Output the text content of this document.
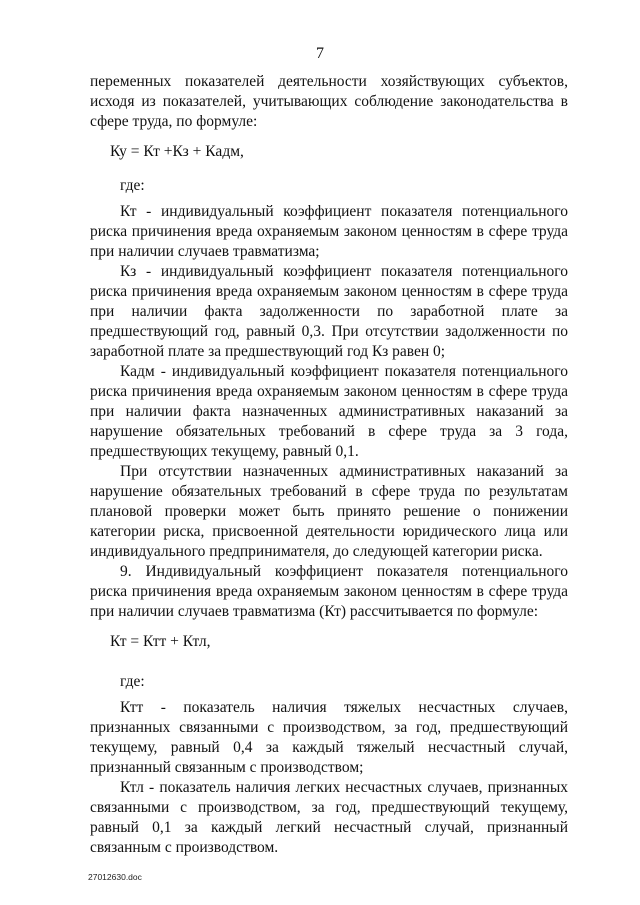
7

переменных показателей деятельности хозяйствующих субъектов, исходя из показателей, учитывающих соблюдение законодательства в сфере труда, по формуле:

Ку = Кт +Кз + Кадм,

где:

Кт - индивидуальный коэффициент показателя потенциального риска причинения вреда охраняемым законом ценностям в сфере труда при наличии случаев травматизма;

Кз - индивидуальный коэффициент показателя потенциального риска причинения вреда охраняемым законом ценностям в сфере труда при наличии факта задолженности по заработной плате за предшествующий год, равный 0,3. При отсутствии задолженности по заработной плате за предшествующий год Кз равен 0;

Кадм - индивидуальный коэффициент показателя потенциального риска причинения вреда охраняемым законом ценностям в сфере труда при наличии факта назначенных административных наказаний за нарушение обязательных требований в сфере труда за 3 года, предшествующих текущему, равный 0,1.

При отсутствии назначенных административных наказаний за нарушение обязательных требований в сфере труда по результатам плановой проверки может быть принято решение о понижении категории риска, присвоенной деятельности юридического лица или индивидуального предпринимателя, до следующей категории риска.

9. Индивидуальный коэффициент показателя потенциального риска причинения вреда охраняемым законом ценностям в сфере труда при наличии случаев травматизма (Кт) рассчитывается по формуле:

Кт = Ктт + Ктл,

где:

Ктт - показатель наличия тяжелых несчастных случаев, признанных связанными с производством, за год, предшествующий текущему, равный 0,4 за каждый тяжелый несчастный случай, признанный связанным с производством;

Ктл - показатель наличия легких несчастных случаев, признанных связанными с производством, за год, предшествующий текущему, равный 0,1 за каждый легкий несчастный случай, признанный связанным с производством.

27012630.doc
